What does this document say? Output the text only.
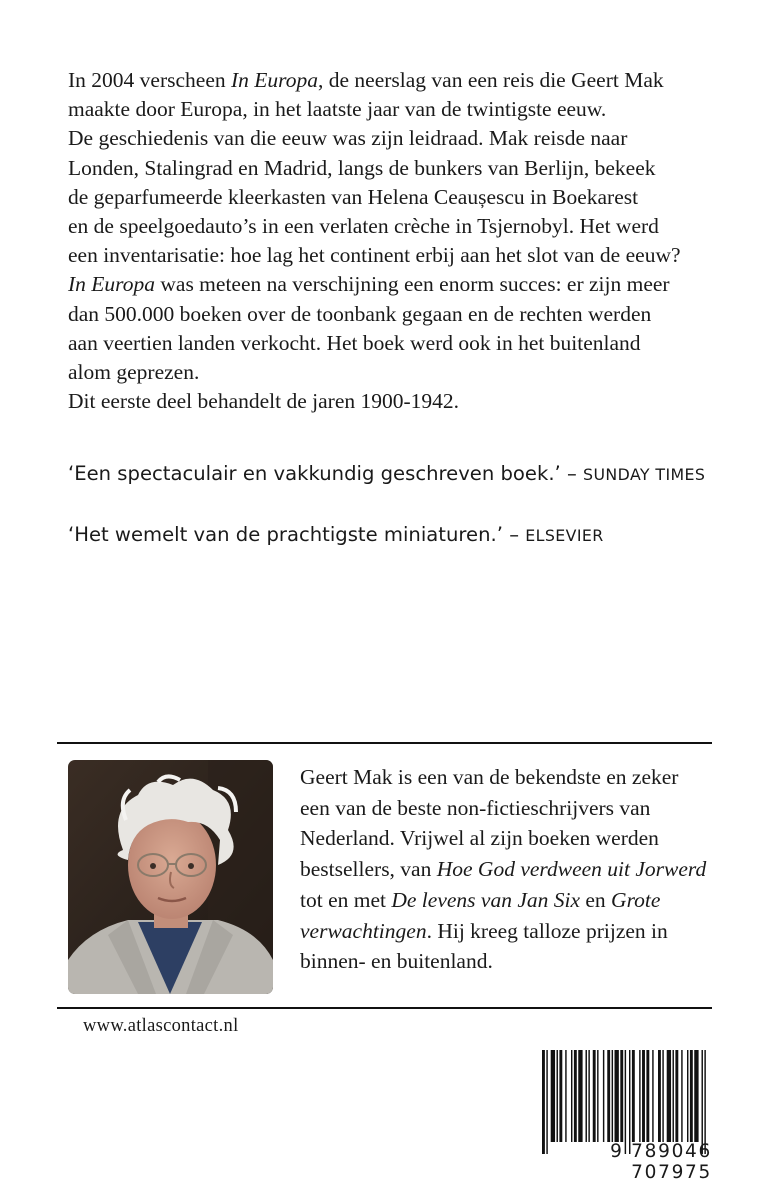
In 2004 verscheen In Europa, de neerslag van een reis die Geert Mak
maakte door Europa, in het laatste jaar van de twintigste eeuw.
De geschiedenis van die eeuw was zijn leidraad. Mak reisde naar
Londen, Stalingrad en Madrid, langs de bunkers van Berlijn, bekeek
de geparfumeerde kleerkasten van Helena Ceaușescu in Boekarest
en de speelgoedauto’s in een verlaten crèche in Tsjernobyl. Het werd
een inventarisatie: hoe lag het continent erbij aan het slot van de eeuw?
In Europa was meteen na verschijning een enorm succes: er zijn meer
dan 500.000 boeken over de toonbank gegaan en de rechten werden
aan veertien landen verkocht. Het boek werd ook in het buitenland
alom geprezen.
Dit eerste deel behandelt de jaren 1900-1942.
‘Een spectaculair en vakkundig geschreven boek.’ – SUNDAY TIMES
‘Het wemelt van de prachtigste miniaturen.’ – ELSEVIER
Geert Mak is een van de bekendste en zeker
een van de beste non-fictieschrijvers van
Nederland. Vrijwel al zijn boeken werden
bestsellers, van Hoe God verdween uit Jorwerd
tot en met De levens van Jan Six en Grote
verwachtingen. Hij kreeg talloze prijzen in
binnen- en buitenland.
www.atlascontact.nl
9 789046 707975
